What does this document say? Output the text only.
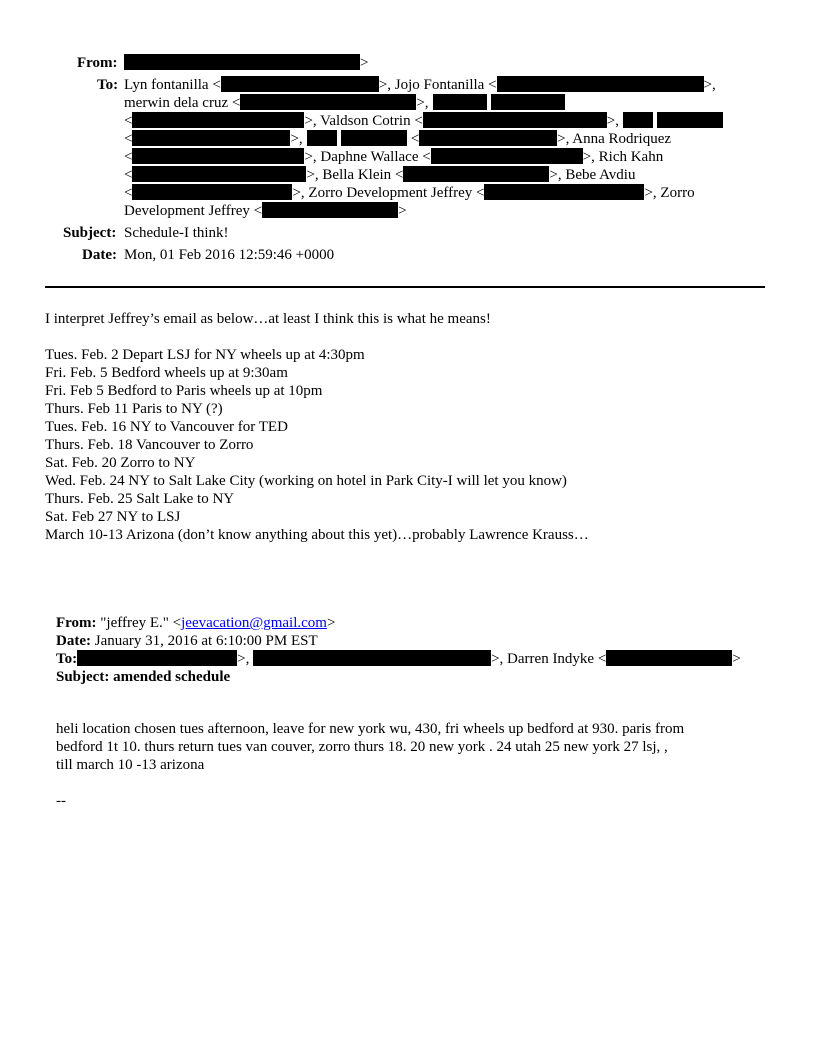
From:	>
To: Lyn fontanilla <	>, Jojo Fontanilla <	>,
merwin dela cruz <	>,
<	>, Valdson Cotrin <	>,
<	>,	<	>, Anna Rodriquez
<	>, Daphne Wallace <	>, Rich Kahn
<	>, Bella Klein <	>, Bebe Avdiu
<	>, Zorro Development Jeffrey <	>, Zorro
Development Jeffrey <	>
Subject: Schedule-I think!
Date: Mon, 01 Feb 2016 12:59:46 +0000
I interpret Jeffrey’s email as below…at least I think this is what he means!
Tues. Feb. 2 Depart LSJ for NY wheels up at 4:30pm
Fri. Feb. 5 Bedford wheels up at 9:30am
Fri. Feb 5 Bedford to Paris wheels up at 10pm
Thurs. Feb 11 Paris to NY (?)
Tues. Feb. 16 NY to Vancouver for TED
Thurs. Feb. 18 Vancouver to Zorro
Sat. Feb. 20 Zorro to NY
Wed. Feb. 24 NY to Salt Lake City (working on hotel in Park City-I will let you know)
Thurs. Feb. 25 Salt Lake to NY
Sat. Feb 27 NY to LSJ
March 10-13 Arizona (don’t know anything about this yet)…probably Lawrence Krauss…
From: "jeffrey E." <jeevacation@gmail.com>
Date: January 31, 2016 at 6:10:00 PM EST
To:	>,	>, Darren Indyke <	>
Subject: amended schedule
heli location chosen tues afternoon, leave for new york wu, 430, fri wheels up bedford at 930. paris from
bedford 1t 10. thurs return tues van couver, zorro thurs 18. 20 new york . 24 utah 25 new york 27 lsj, ,
till march 10 -13 arizona
--
